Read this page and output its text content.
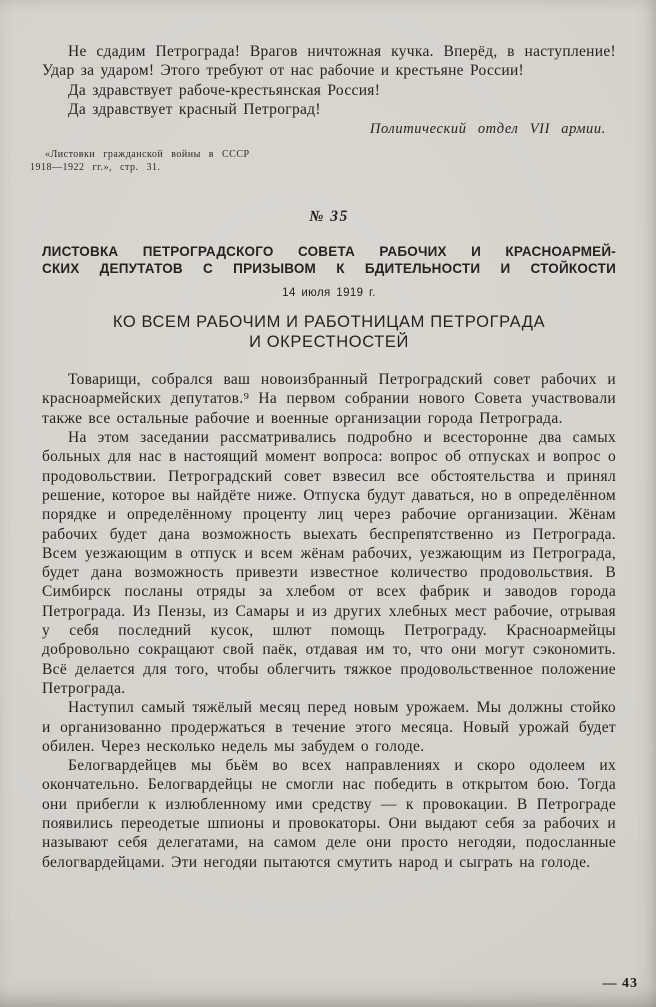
Не сдадим Петрограда! Врагов ничтожная кучка. Вперёд, в наступление! Удар за ударом! Этого требуют от нас рабочие и крестьяне России!

Да здравствует рабоче-крестьянская Россия!

Да здравствует красный Петроград!

Политический отдел VII армии.

«Листовки гражданской войны в СССР
1918—1922 гг.», стр. 31.
№ 35
ЛИСТОВКА ПЕТРОГРАДСКОГО СОВЕТА РАБОЧИХ И КРАСНОАРМЕЙ-
СКИХ ДЕПУТАТОВ С ПРИЗЫВОМ К БДИТЕЛЬНОСТИ И СТОЙКОСТИ
14 июля 1919 г.
КО ВСЕМ РАБОЧИМ И РАБОТНИЦАМ ПЕТРОГРАДА
И ОКРЕСТНОСТЕЙ

Товарищи, собрался ваш новоизбранный Петроградский совет рабочих и красноармейских депутатов.⁹ На первом собрании нового Совета участвовали также все остальные рабочие и военные организации города Петрограда.

На этом заседании рассматривались подробно и всесторонне два самых больных для нас в настоящий момент вопроса: вопрос об отпусках и вопрос о продовольствии. Петроградский совет взвесил все обстоятельства и принял решение, которое вы найдёте ниже. Отпуска будут даваться, но в определённом порядке и определённому проценту лиц через рабочие организации. Жёнам рабочих будет дана возможность выехать беспрепятственно из Петрограда. Всем уезжающим в отпуск и всем жёнам рабочих, уезжающим из Петрограда, будет дана возможность привезти известное количество продовольствия. В Симбирск посланы отряды за хлебом от всех фабрик и заводов города Петрограда. Из Пензы, из Самары и из других хлебных мест рабочие, отрывая у себя последний кусок, шлют помощь Петрограду. Красноармейцы добровольно сокращают свой паёк, отдавая им то, что они могут сэкономить. Всё делается для того, чтобы облегчить тяжкое продовольственное положение Петрограда.

Наступил самый тяжёлый месяц перед новым урожаем. Мы должны стойко и организованно продержаться в течение этого месяца. Новый урожай будет обилен. Через несколько недель мы забудем о голоде.

Белогвардейцев мы бьём во всех направлениях и скоро одолеем их окончательно. Белогвардейцы не смогли нас победить в открытом бою. Тогда они прибегли к излюбленному ими средству — к провокации. В Петрограде появились переодетые шпионы и провокаторы. Они выдают себя за рабочих и называют себя делегатами, на самом деле они просто негодяи, подосланные белогвардейцами. Эти негодяи пытаются смутить народ и сыграть на голоде.

— 43
